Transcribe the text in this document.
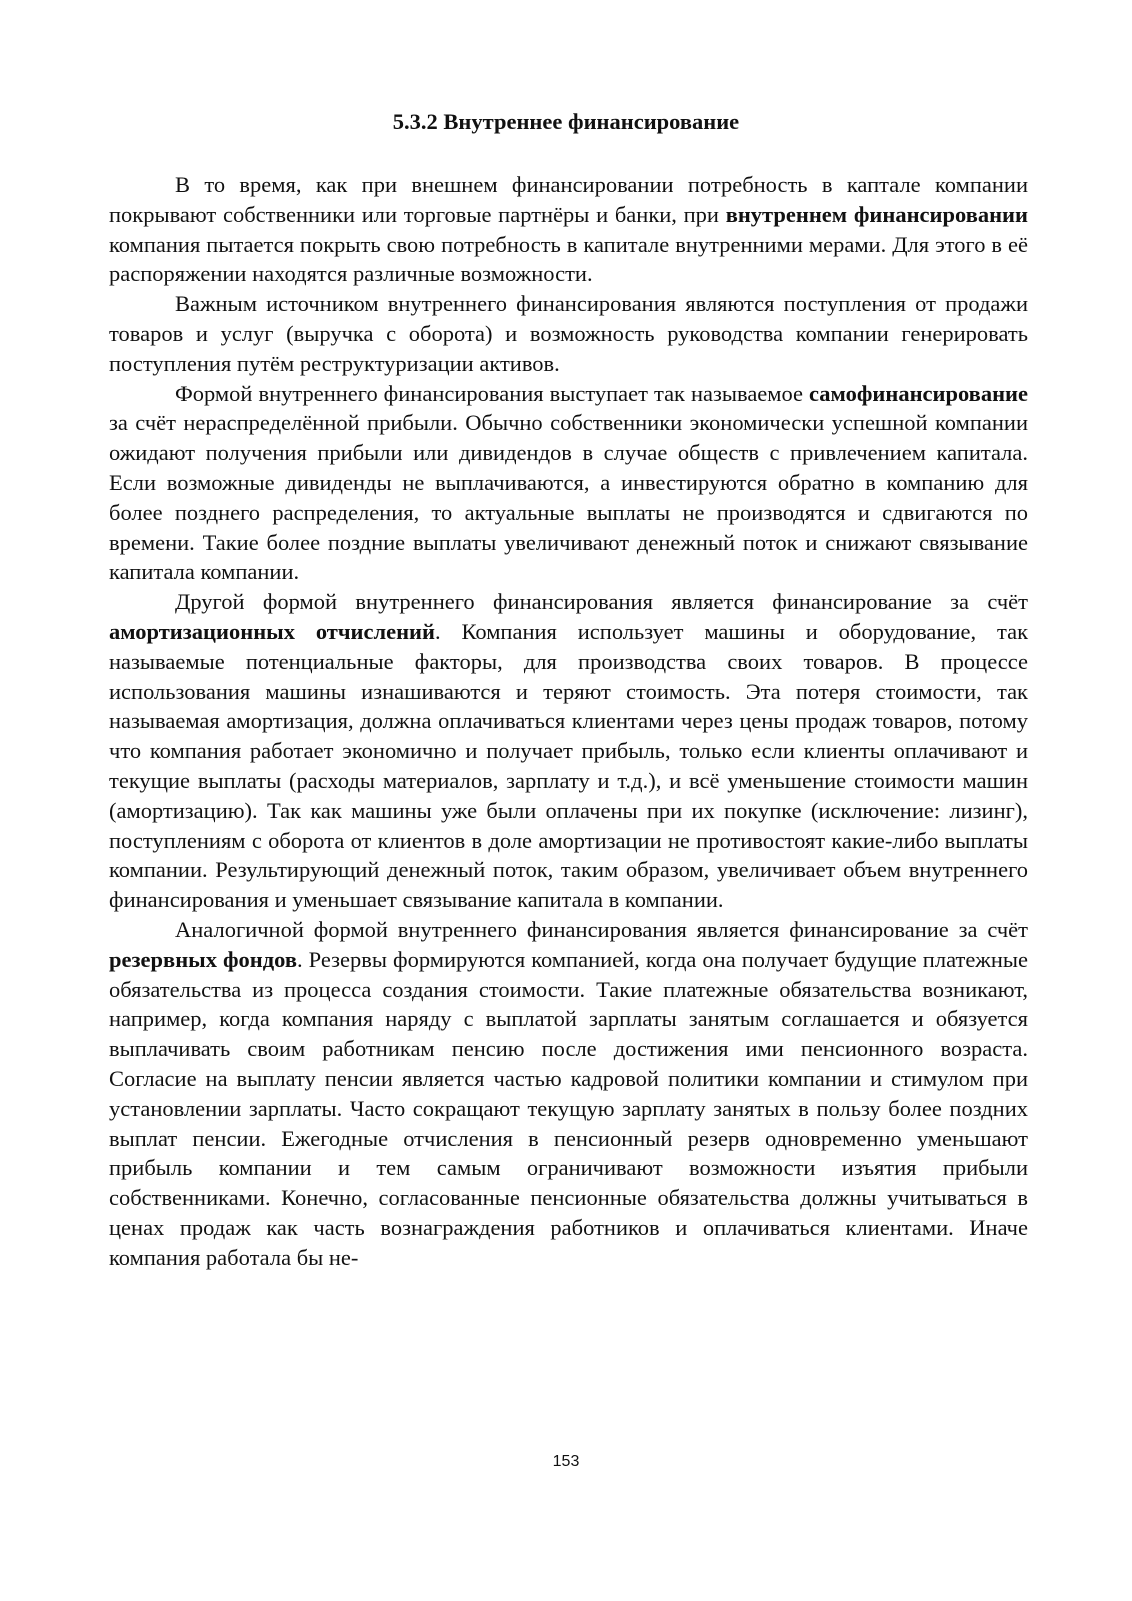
5.3.2 Внутреннее финансирование

В то время, как при внешнем финансировании потребность в каптале компании покрывают собственники или торговые партнёры и банки, при внутреннем финансировании компания пытается покрыть свою потребность в капитале внутренними мерами. Для этого в её распоряжении находятся различные возможности.

Важным источником внутреннего финансирования являются поступления от продажи товаров и услуг (выручка с оборота) и возможность руководства компании генерировать поступления путём реструктуризации активов.

Формой внутреннего финансирования выступает так называемое самофинансирование за счёт нераспределённой прибыли. Обычно собственники экономически успешной компании ожидают получения прибыли или дивидендов в случае обществ с привлечением капитала. Если возможные дивиденды не выплачиваются, а инвестируются обратно в компанию для более позднего распределения, то актуальные выплаты не производятся и сдвигаются по времени. Такие более поздние выплаты увеличивают денежный поток и снижают связывание капитала компании.

Другой формой внутреннего финансирования является финансирование за счёт амортизационных отчислений. Компания использует машины и оборудование, так называемые потенциальные факторы, для производства своих товаров. В процессе использования машины изнашиваются и теряют стоимость. Эта потеря стоимости, так называемая амортизация, должна оплачиваться клиентами через цены продаж товаров, потому что компания работает экономично и получает прибыль, только если клиенты оплачивают и текущие выплаты (расходы материалов, зарплату и т.д.), и всё уменьшение стоимости машин (амортизацию). Так как машины уже были оплачены при их покупке (исключение: лизинг), поступлениям с оборота от клиентов в доле амортизации не противостоят какие-либо выплаты компании. Результирующий денежный поток, таким образом, увеличивает объем внутреннего финансирования и уменьшает связывание капитала в компании.

Аналогичной формой внутреннего финансирования является финансирование за счёт резервных фондов. Резервы формируются компанией, когда она получает будущие платежные обязательства из процесса создания стоимости. Такие платежные обязательства возникают, например, когда компания наряду с выплатой зарплаты занятым соглашается и обязуется выплачивать своим работникам пенсию после достижения ими пенсионного возраста. Согласие на выплату пенсии является частью кадровой политики компании и стимулом при установлении зарплаты. Часто сокращают текущую зарплату занятых в пользу более поздних выплат пенсии. Ежегодные отчисления в пенсионный резерв одновременно уменьшают прибыль компании и тем самым ограничивают возможности изъятия прибыли собственниками. Конечно, согласованные пенсионные обязательства должны учитываться в ценах продаж как часть вознаграждения работников и оплачиваться клиентами. Иначе компания работала бы не-

153
